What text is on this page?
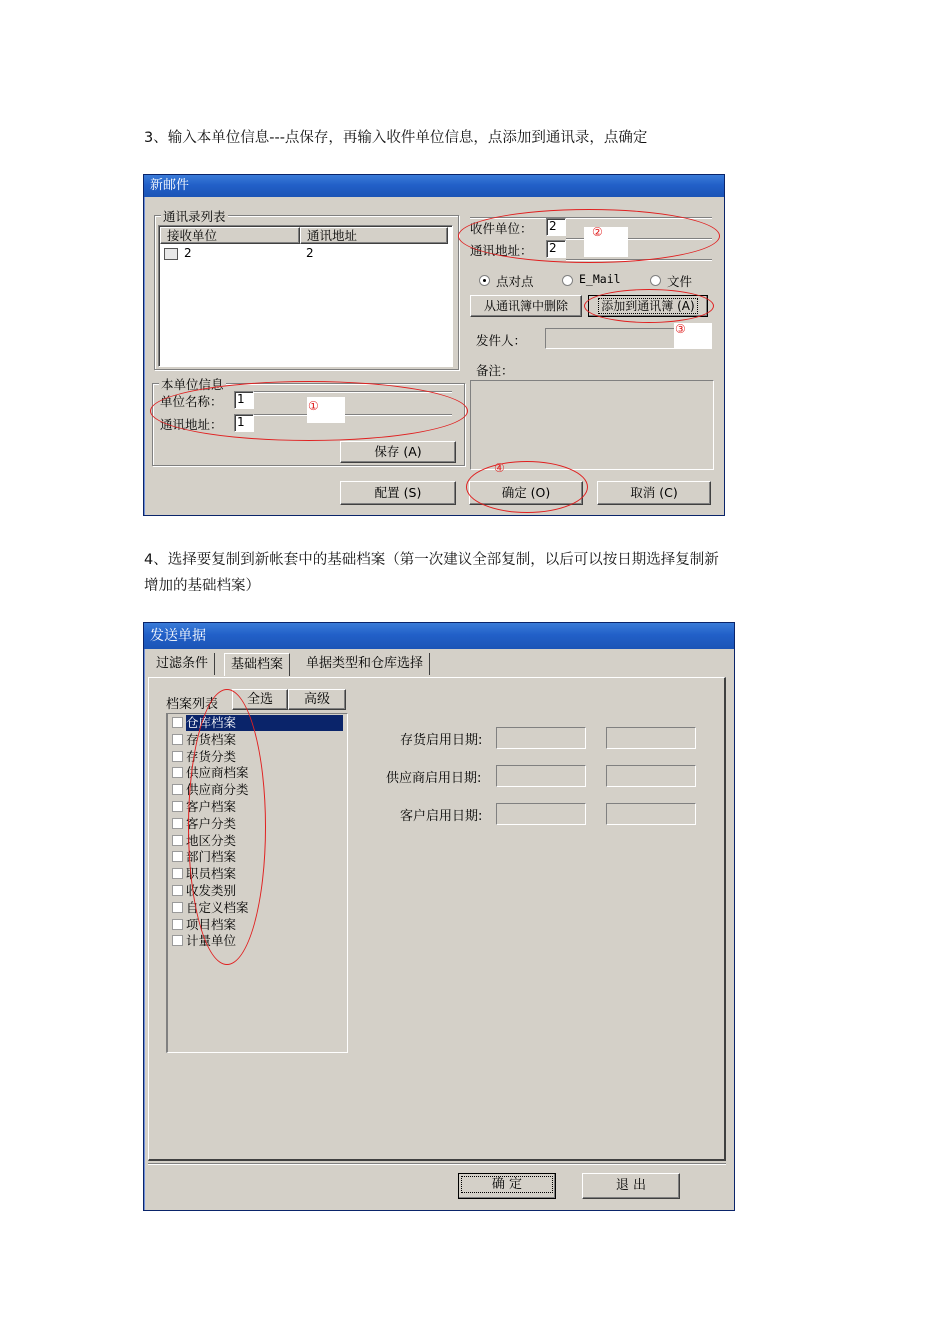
3、输入本单位信息---点保存，再输入收件单位信息，点添加到通讯录，点确定
新邮件
通讯录列表
接收单位	通讯地址
2	2
本单位信息
单位名称： 1
通讯地址： 1
保存 (A)
收件单位： 2
通讯地址： 2
点对点	E_Mail	文件
从通讯簿中删除	添加到通讯簿 (A)
发件人：
备注：
配置 (S)	确定 (O)	取消 (C)
①
②
③
④
4、选择要复制到新帐套中的基础档案（第一次建议全部复制，以后可以按日期选择复制新
增加的基础档案）
发送单据
过滤条件	基础档案	单据类型和仓库选择
档案列表	全选	高级
仓库档案
存货档案
存货分类
供应商档案
供应商分类
客户档案
客户分类
地区分类
部门档案
职员档案
收发类别
自定义档案
项目档案
计量单位
存货启用日期:
供应商启用日期:
客户启用日期:
确 定	退 出
